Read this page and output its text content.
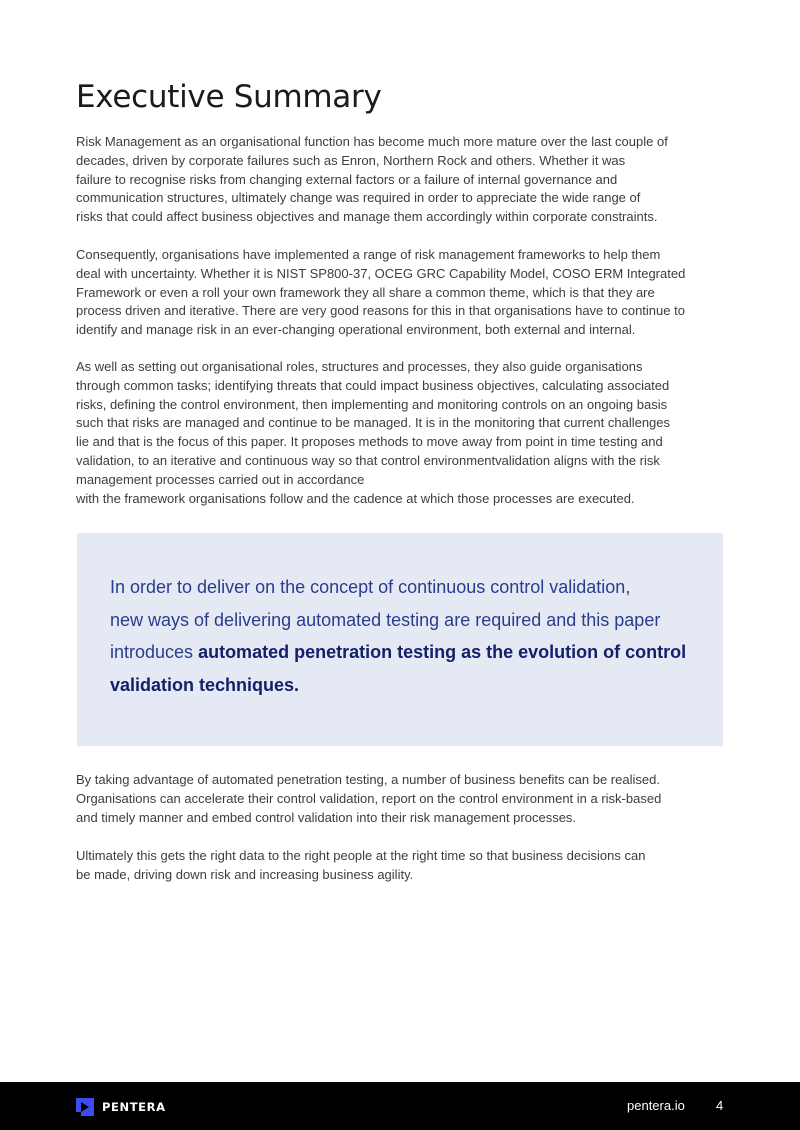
Executive Summary
Risk Management as an organisational function has become much more mature over the last couple of
decades, driven by corporate failures such as Enron, Northern Rock and others. Whether it was
failure to recognise risks from changing external factors or a failure of internal governance and
communication structures, ultimately change was required in order to appreciate the wide range of
risks that could affect business objectives and manage them accordingly within corporate constraints.
Consequently, organisations have implemented a range of risk management frameworks to help them
deal with uncertainty. Whether it is NIST SP800-37, OCEG GRC Capability Model, COSO ERM Integrated
Framework or even a roll your own framework they all share a common theme, which is that they are
process driven and iterative. There are very good reasons for this in that organisations have to continue to
identify and manage risk in an ever-changing operational environment, both external and internal.
As well as setting out organisational roles, structures and processes, they also guide organisations
through common tasks; identifying threats that could impact business objectives, calculating associated
risks, defining the control environment, then implementing and monitoring controls on an ongoing basis
such that risks are managed and continue to be managed. It is in the monitoring that current challenges
lie and that is the focus of this paper. It proposes methods to move away from point in time testing and
validation, to an iterative and continuous way so that control environmentvalidation aligns with the risk
management processes carried out in accordance
with the framework organisations follow and the cadence at which those processes are executed.
In order to deliver on the concept of continuous control validation,
new ways of delivering automated testing are required and this paper
introduces automated penetration testing as the evolution of control
validation techniques.
By taking advantage of automated penetration testing, a number of business benefits can be realised.
Organisations can accelerate their control validation, report on the control environment in a risk-based
and timely manner and embed control validation into their risk management processes.
Ultimately this gets the right data to the right people at the right time so that business decisions can
be made, driving down risk and increasing business agility.
PENTERA	pentera.io 4
